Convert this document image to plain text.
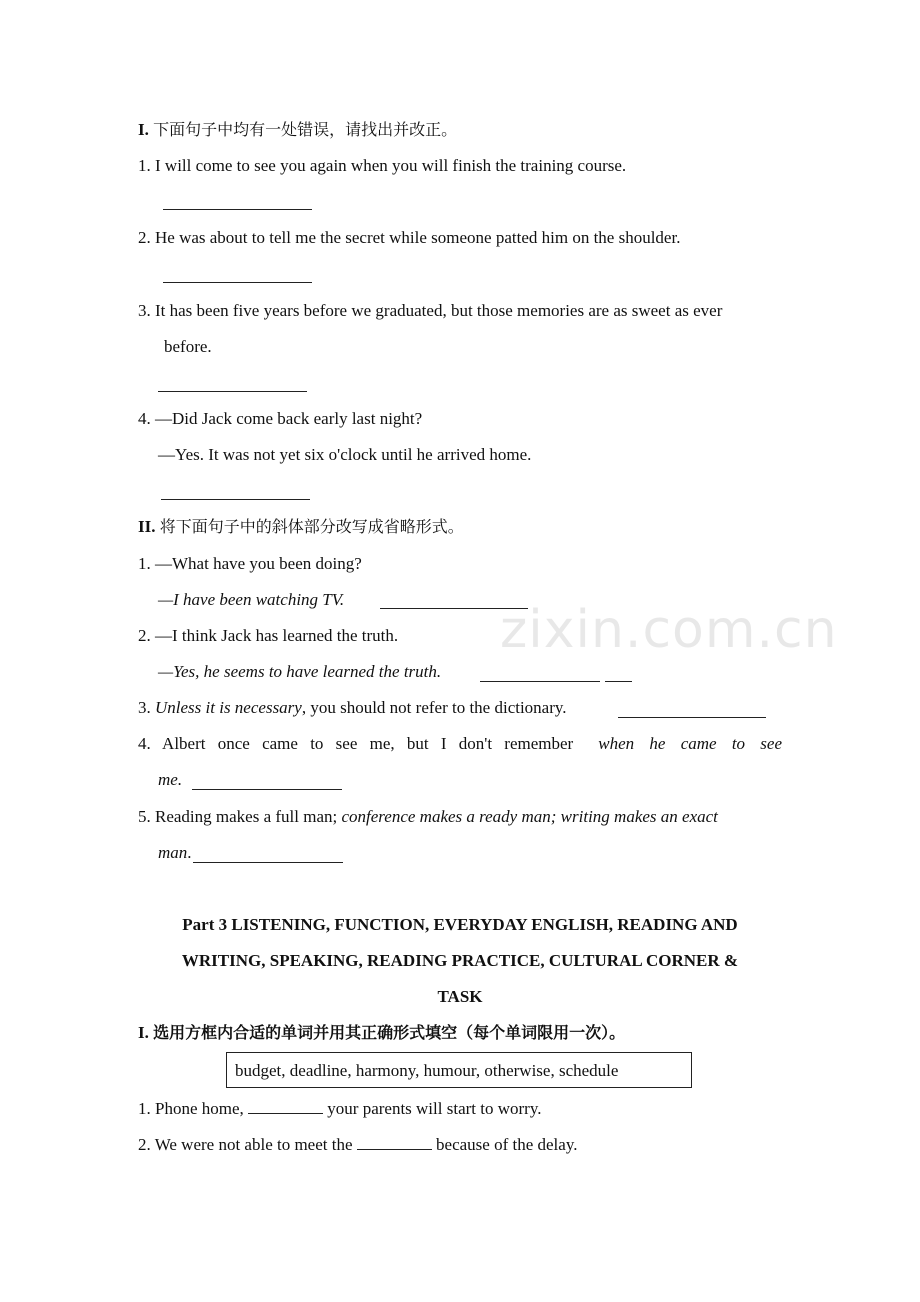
I. 下面句子中均有一处错误，请找出并改正。
1. I will come to see you again when you will finish the training course.
2. He was about to tell me the secret while someone patted him on the shoulder.
3. It has been five years before we graduated, but those memories are as sweet as ever
before.
4. —Did Jack come back early last night?
—Yes. It was not yet six o'clock until he arrived home.
II. 将下面句子中的斜体部分改写成省略形式。
1. —What have you been doing?
—I have been watching TV.
2. —I think Jack has learned the truth.
—Yes, he seems to have learned the truth.
3. Unless it is necessary, you should not refer to the dictionary.
4. Albert once came to see me, but I don't remember when he came to see
me.
5. Reading makes a full man; conference makes a ready man; writing makes an exact
man.
Part 3 LISTENING, FUNCTION, EVERYDAY ENGLISH, READING AND
WRITING, SPEAKING, READING PRACTICE, CULTURAL CORNER &
TASK
I. 选用方框内合适的单词并用其正确形式填空（每个单词限用一次）。
budget, deadline, harmony, humour, otherwise, schedule
1. Phone home,	your parents will start to worry.
2. We were not able to meet the	because of the delay.
zixin.com.cn
